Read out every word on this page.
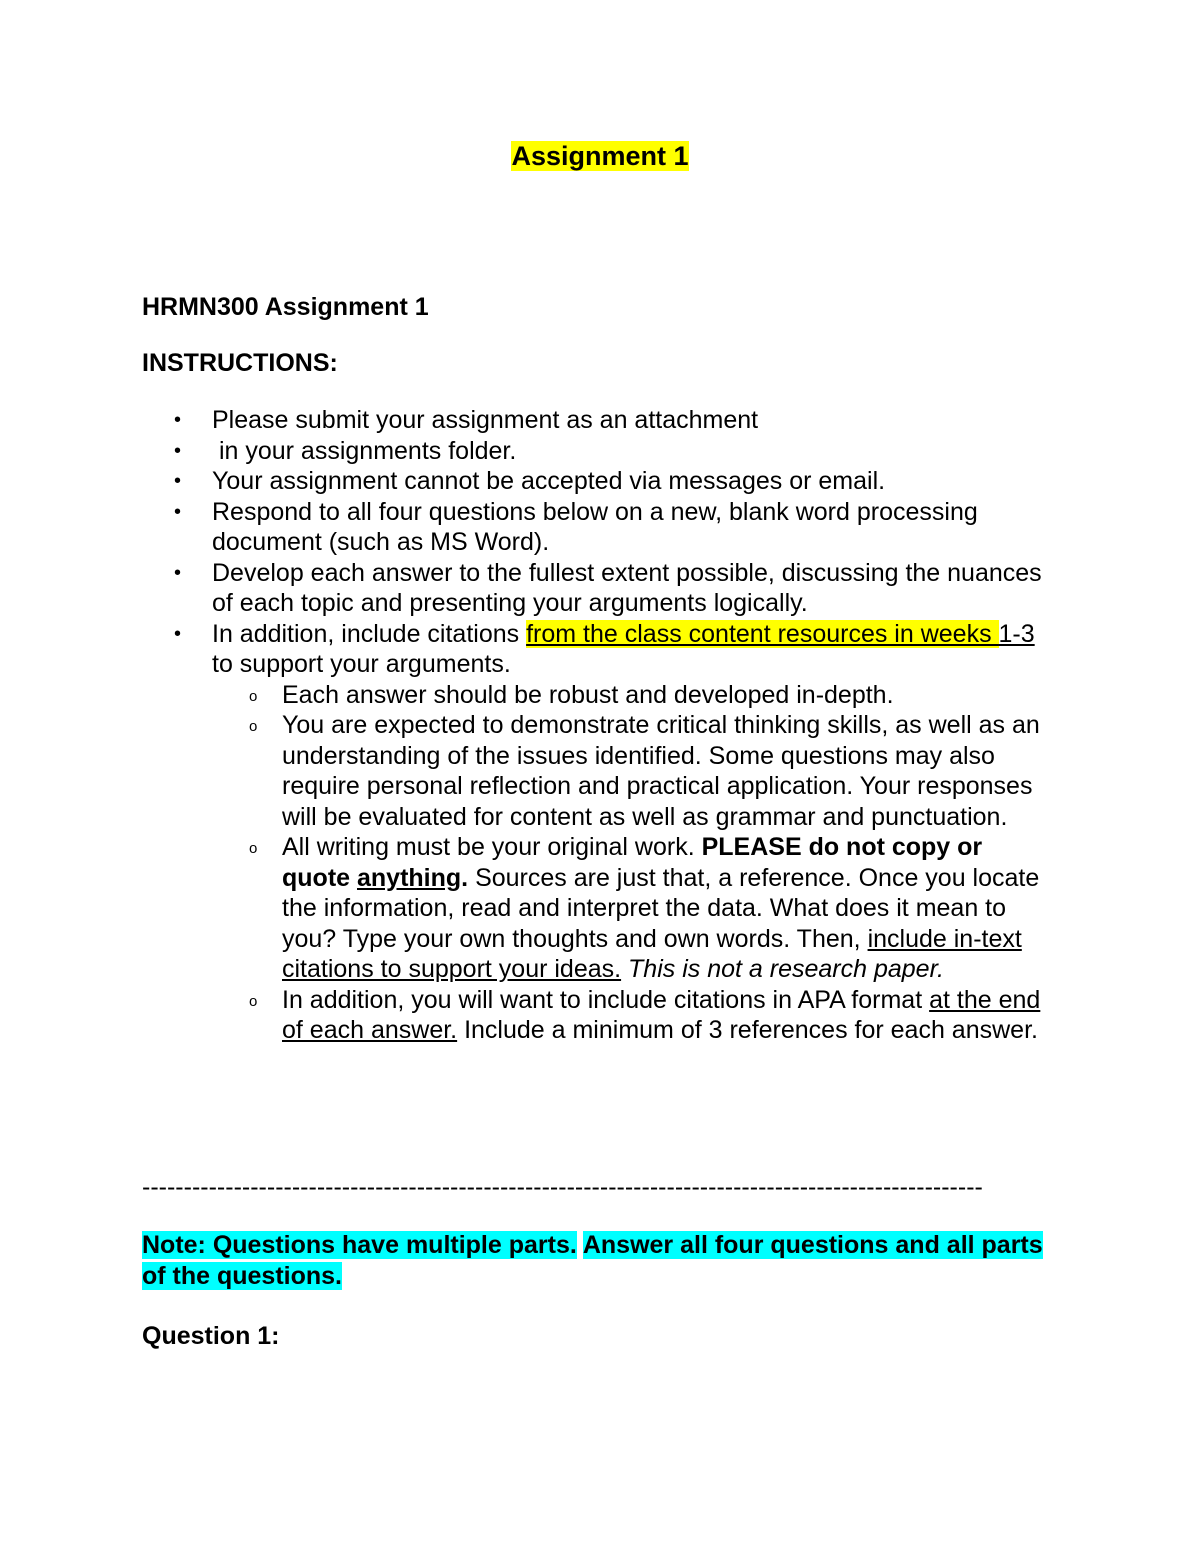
Assignment 1
HRMN300 Assignment 1
INSTRUCTIONS:
• Please submit your assignment as an attachment
• in your assignments folder.
• Your assignment cannot be accepted via messages or email.
• Respond to all four questions below on a new, blank word processing document (such as MS Word).
• Develop each answer to the fullest extent possible, discussing the nuances of each topic and presenting your arguments logically.
• In addition, include citations from the class content resources in weeks 1-3 to support your arguments.
o Each answer should be robust and developed in-depth.
o You are expected to demonstrate critical thinking skills, as well as an understanding of the issues identified. Some questions may also require personal reflection and practical application. Your responses will be evaluated for content as well as grammar and punctuation.
o All writing must be your original work. PLEASE do not copy or quote anything. Sources are just that, a reference. Once you locate the information, read and interpret the data. What does it mean to you? Type your own thoughts and own words. Then, include in-text citations to support your ideas. This is not a research paper.
o In addition, you will want to include citations in APA format at the end of each answer. Include a minimum of 3 references for each answer.
-----------------------------------------------------------------------------------------------------
Note: Questions have multiple parts. Answer all four questions and all parts of the questions.
Question 1:
